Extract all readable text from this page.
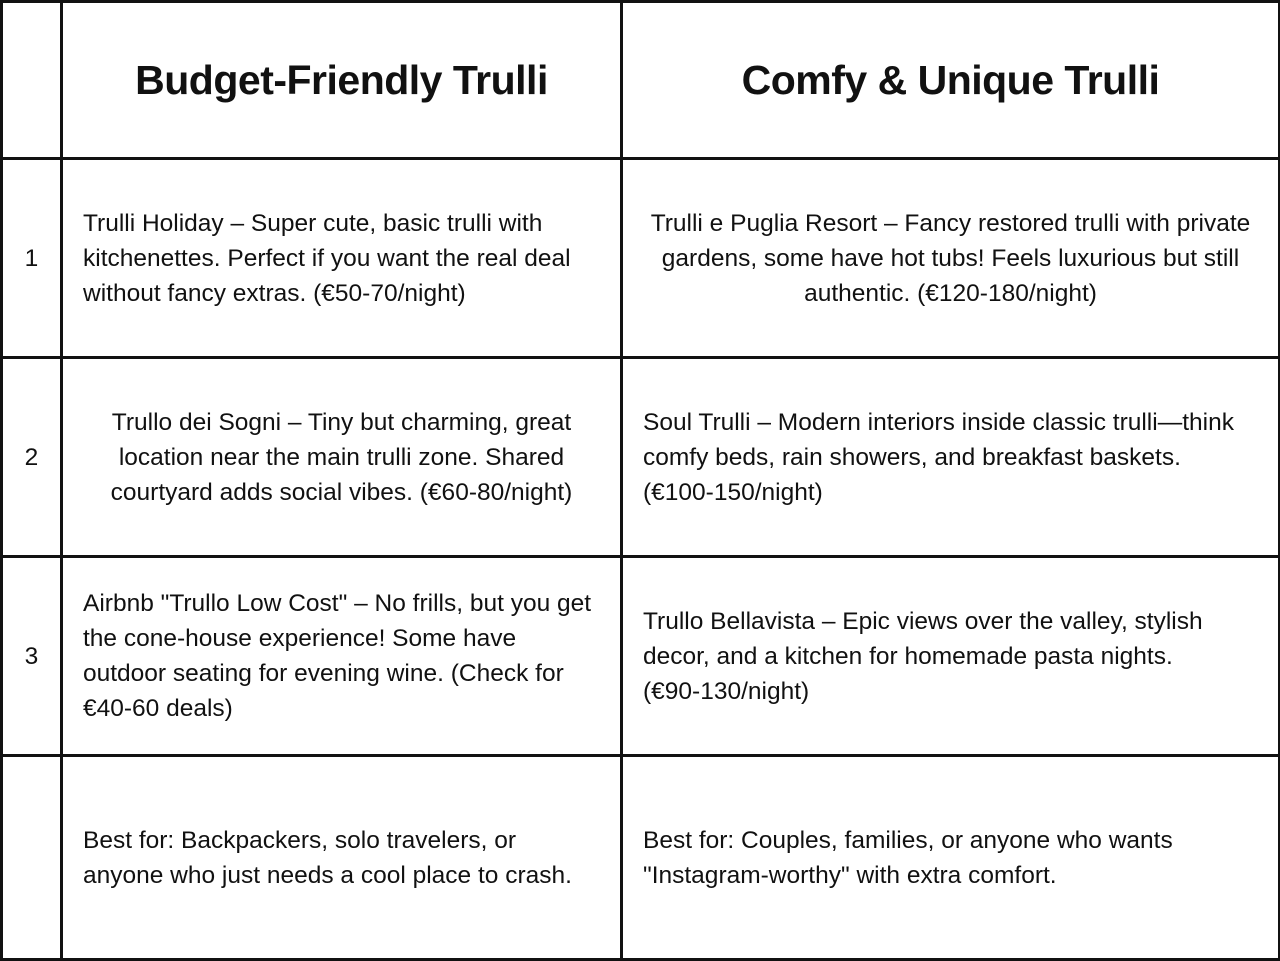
	Budget-Friendly Trulli	Comfy & Unique Trulli
1	Trulli Holiday – Super cute, basic trulli with kitchenettes. Perfect if you want the real deal without fancy extras. (€50-70/night)	Trulli e Puglia Resort – Fancy restored trulli with private gardens, some have hot tubs! Feels luxurious but still authentic. (€120-180/night)
2	Trullo dei Sogni – Tiny but charming, great location near the main trulli zone. Shared courtyard adds social vibes. (€60-80/night)	Soul Trulli – Modern interiors inside classic trulli—think comfy beds, rain showers, and breakfast baskets. (€100-150/night)
3	Airbnb "Trullo Low Cost" – No frills, but you get the cone-house experience! Some have outdoor seating for evening wine. (Check for €40-60 deals)	Trullo Bellavista – Epic views over the valley, stylish decor, and a kitchen for homemade pasta nights. (€90-130/night)
	Best for: Backpackers, solo travelers, or anyone who just needs a cool place to crash.	Best for: Couples, families, or anyone who wants "Instagram-worthy" with extra comfort.
